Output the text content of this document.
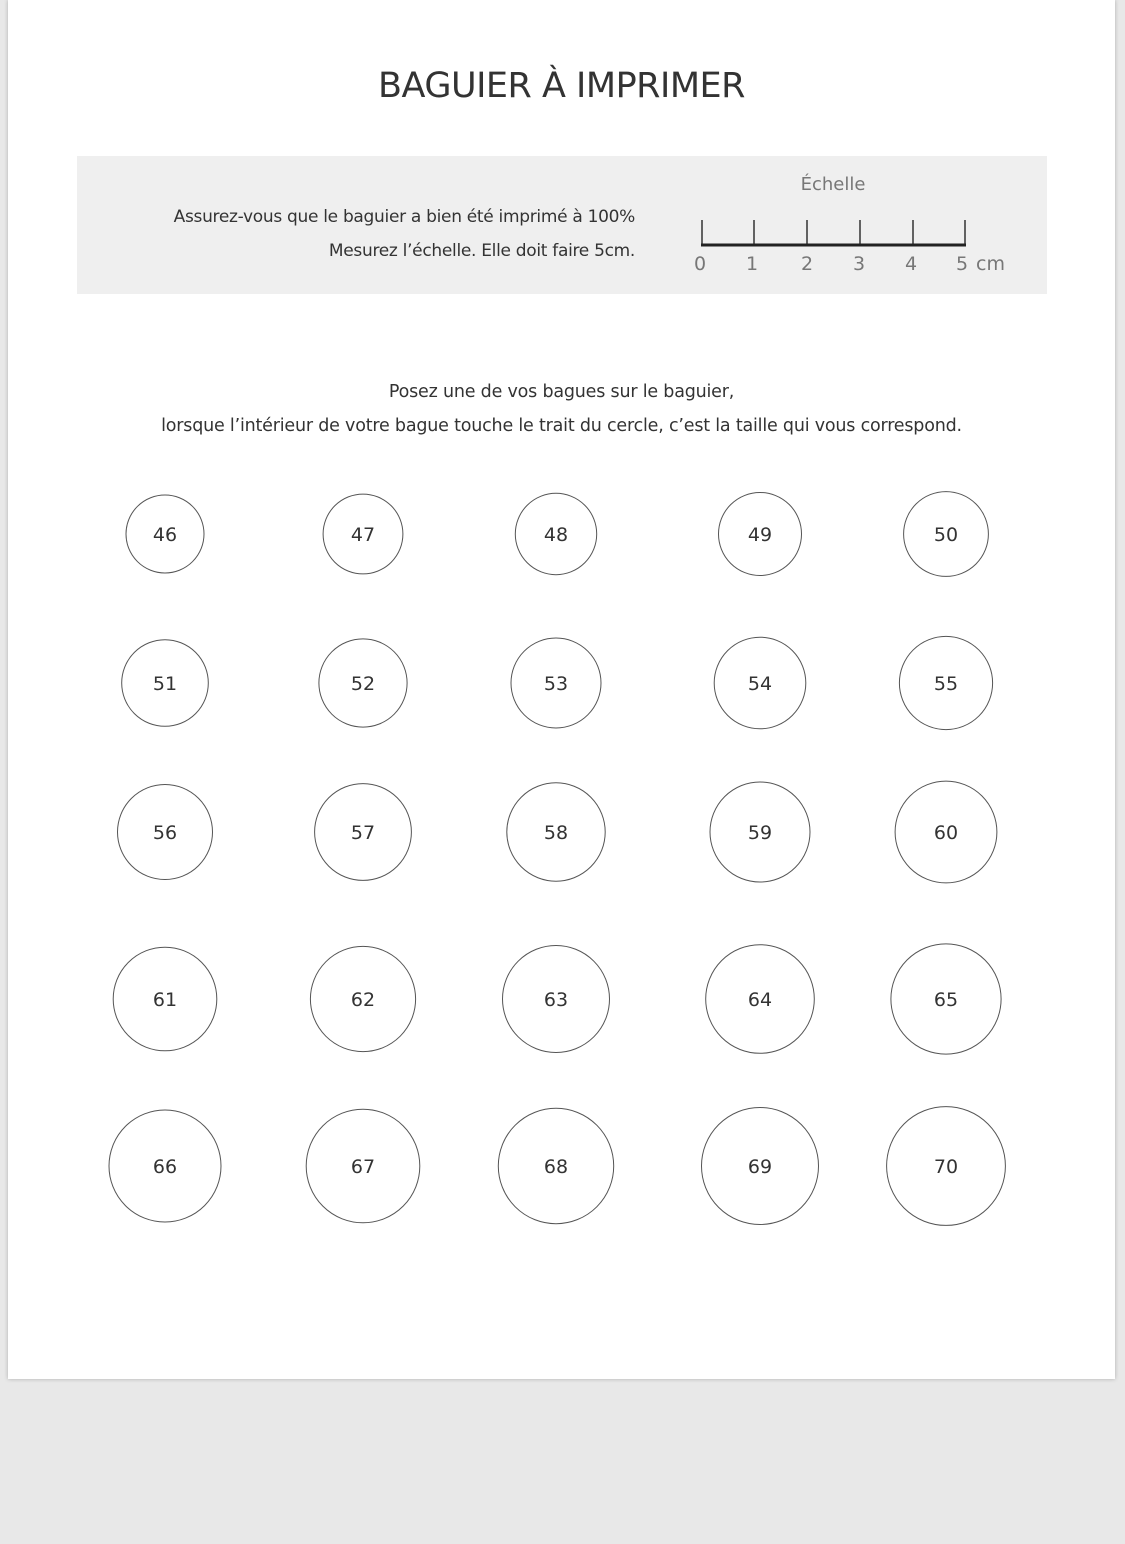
BAGUIER À IMPRIMER
Assurez-vous que le baguier a bien été imprimé à 100%
Mesurez l’échelle. Elle doit faire 5cm.
Échelle
0 1 2 3 4 5 cm
Posez une de vos bagues sur le baguier,
lorsque l’intérieur de votre bague touche le trait du cercle, c’est la taille qui vous correspond.
46	47	48	49	50
51	52	53	54	55
56	57	58	59	60
61	62	63	64	65
66	67	68	69	70
